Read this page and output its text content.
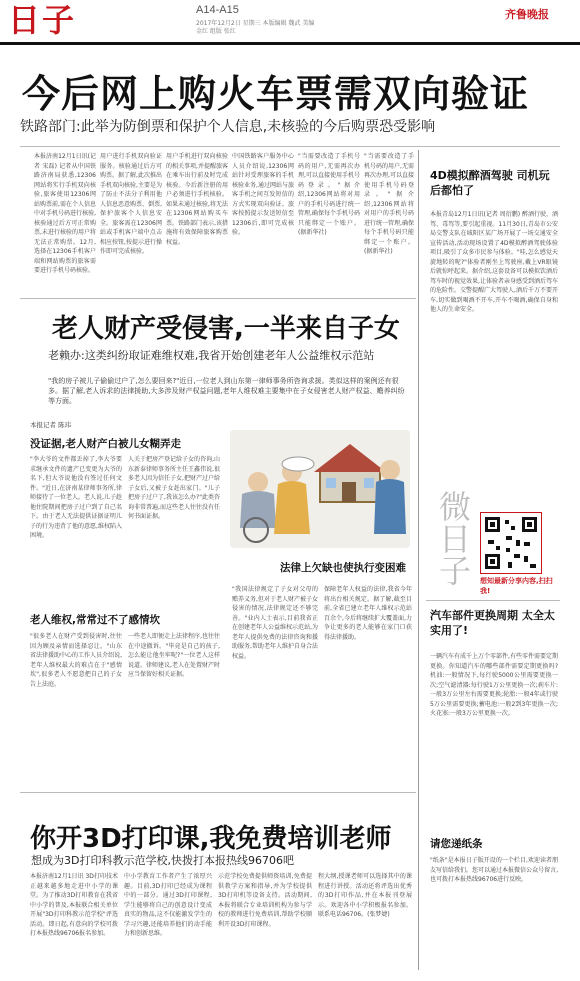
日子	A14-A15
2017年12月2日 星期三 本版编辑 魏武 美编 金红 组版 张红
齐鲁晚报
今后网上购火车票需双向验证
铁路部门:此举为防倒票和保护个人信息,未核验的今后购票恐受影响
本报济南12月1日讯(记者 宋磊) 记者从中国铁路济南局获悉,12306网站将实行手机双向核验,旅客使用12306网站购票前,需在个人信息中对手机号码进行核验,核验通过后方可正常购票,未进行核验的用户将无法正常购票。12月,选择在12306手机客户端和网站购票的旅客需要进行手机号码核验。
用户进行手机双向验证服务。核验通过后方可购票。据了解,此次推出手机双向核验,主要是为了防止不法分子利用他人信息恶意购票、倒票,保护旅客个人信息安全。旅客需在12306网站或手机客户端中点击相应按钮,按提示进行操作即可完成核验。
用户手机进行双向核验的相关事项,并提醒旅客在乘车出行前及时完成核验。今后新注册的用户必须进行手机核验。如果未通过核验,将无法在12306网站购买车票。铁路部门表示,该措施将有效保障旅客购票权益。
中国铁路客户服务中心人员介绍说,12306网站针对受理旅客的手机核验业务,通过网站与旅客手机之间互发短信的方式实现双向验证。旅客按照提示发送短信至12306后,即可完成核验。
"当需要改造了手机号码的用户,无需再次办理,可以直接使用手机号码登录。"据介绍,12306网站将对用户的手机号码进行统一管理,确保每个手机号码只能绑定一个账户。(据新华社)
"当需要改造了手机号码的用户,无需再次办理,可以直接使用手机号码登录。"据介绍,12306网站将对用户的手机号码进行统一管理,确保每个手机号码只能绑定一个账户。(据新华社)
4D模拟醉酒驾驶 司机玩后都怕了
本报青岛12月1日讯(记者 周衍鹏) 醉酒行驶、酒驾、毒驾等,要引起重视。11月30日,青岛市公安局交警支队在城阳区某广场开展了一场交通安全宣传活动,活动现场设置了4D模拟醉酒驾驶体验项目,吸引了众多市民参与体验。"哇,怎么感觉天旋地转的呢?"体验者刚坐上驾驶座,戴上VR眼镜后就惊呼起来。据介绍,这套设备可以模拟饮酒后驾车时的视觉效果,让体验者亲身感受到酒后驾车的危险性。交警提醒广大驾驶人,酒后千万不要开车,切实做到喝酒不开车,开车不喝酒,确保自身和他人的生命安全。
微日子	想知最新分享内容,扫扫我!
老人财产受侵害,一半来自子女
老赖办:这类纠纷取证难维权难,我省开始创建老年人公益维权示范站
"我的房子被儿子偷偷过户了,怎么要回来?"近日,一位老人到山东第一律师事务所咨询求援。类似这样的案例还有很多。据了解,老人诉求的法律援助,大多涉及财产权益问题,老年人维权难主要集中在子女侵害老人财产权益、赡养纠纷等方面。
本报记者 陈玮
没证据,老人财产白被儿女糊弄走
"李大爷的文件都丢掉了,李大爷要求继承文件的遗产已变更为大爷的名下,但大爷说他没有签过任何文件。"近日,在济南某律师事务所,律师接待了一位老人。老人说,儿子趁他住院期间把房子过户到了自己名下。由于老人无法提供证据证明儿子的行为违背了他的意愿,维权陷入困境。
人关于把房产登记给子女的咨询,山东新泰律师事务所主任王鑫伟说,很多老人因为信任子女,把财产过户给子女后,又被子女赶出家门。"儿子把房子过户了,我该怎么办?"此类咨询非常普遍,而这些老人往往没有任何书面证据。
法律上欠缺也使执行变困难
"我国法律规定了子女对父母的赡养义务,但对于老人财产被子女侵害的情况,法律规定还不够完善。"业内人士表示,目前我省正在创建老年人公益维权示范站,为老年人提供免费的法律咨询和援助服务,帮助老年人维护自身合法权益。
保障老年人权益的法律,我省今年将出台相关规定。据了解,截至目前,全省已建立老年人维权示范站百余个,今后将继续扩大覆盖面,力争让更多的老人能够在家门口获得法律援助。
老人维权,常常过不了感情坎
"很多老人在财产受到侵害时,往往因为顾及亲情而选择忍让。"山东省法律援助中心的工作人员介绍说,老年人维权最大的难点在于"感情坎",很多老人不愿意把自己的子女告上法庭。
一些老人即便走上法律程序,也往往在中途撤诉。"毕竟是自己的孩子,怎么能让他坐牢呢?"一位老人这样说道。律师建议,老人在处置财产时应当保留好相关证据。
汽车部件更换周期 太全太实用了!
一辆汽车有成千上万个零部件,有些零件需要定期更换。你知道汽车的哪些部件需要定期更换吗?机油:一般情况下,每行驶5000公里需要更换一次;空气滤清器:每行驶1万公里更换一次;刹车片:一般3万公里左右需要更换;轮胎:一般4年或行驶5万公里需要更换;蓄电池:一般2到3年更换一次;火花塞:一般3万公里更换一次。
请您递纸条
"纸条"是本报日子版开设的一个栏目,欢迎读者朋友写信给我们。您可以通过本报微信公众号留言,也可拨打本报热线96706进行反映。
你开3D打印课,我免费培训老师
想成为3D打印科教示范学校,快拨打本报热线96706吧
本报济南12月1日讯 3D打印技术正越来越多地走进中小学的课堂。为了推动3D打印教育在我省中小学的普及,本报联合相关单位开展"3D打印科教示范学校"评选活动。即日起,有意向的学校可拨打本报热线96706报名参加。
中小学教育工作者产生了浓厚兴趣。目前,3D打印已经成为课程中的一部分。通过3D打印课程,学生能够将自己的创意设计变成真实的物品,这不仅能激发学生的学习兴趣,还能培养他们的动手能力和创新思维。
示范学校免费提供师资培训,免费提供教学方案和指导,并为学校提供3D打印机等设备支持。活动期间,本报将联合专业培训机构为参与学校的教师进行免费培训,帮助学校顺利开设3D打印课程。
程大纲,授课老师可以选择其中的课程进行讲授。活动还将评选出优秀的3D打印作品,并在本报刊登展示。欢迎各中小学积极报名参加。联系电话96706。(张梦婕)
